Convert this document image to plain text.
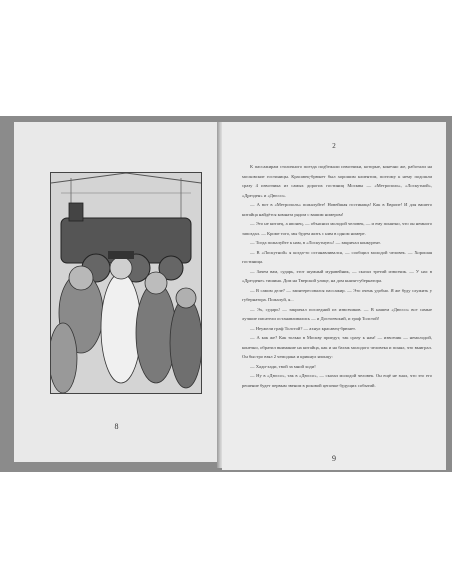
8
2

К пассажирам столичного поезда подбежали извозчики, которые, конечно же, работали на московские гостиницы. Красавец-брюнет был хорошим клиентом, поэтому к нему подошли сразу 4 извозчика из самых дорогих гостиниц Москвы — «Метрополь», «Лоскутной», «Дрезден» и «Дюссо».

— А вот в «Метрополь» пожалуйте! Новейшая гостиница! Как в Европе! И для вашего китайца найдётся комната рядом с вашим номером!

— Это не китаец, а японец, — объяснил молодой человек, — и ему понятно, что он немного запоздал. — Кроме того, мы будем жить с ним в одном номере.

— Тогда пожалуйте к нам, в «Лоскутную»! — закричал конкурент.

— В «Лоскутной» я когда-то останавливался, — сообщил молодой человек. — Хорошая гостиница.

— Зачем вам, сударь, этот шумный муравейник, — сказал третий извозчик. — У нас в «Дрездене» тишина. Дом на Тверской улице, на дом князя-губернатора.

— В самом деле? — заинтересовался пассажир. — Это очень удобно. Я же буду служить у губернатора. Пожалуй, я...

— Эх, сударь! — закричал последний из извозчиков. — В нашем «Дюссо» все самые лучшие писатели останавливались — и Достоевский, и граф Толстой!

— Неужели граф Толстой? — ахнул красавец-брюнет.

— А как же? Как только в Москву приедут, так сразу к нам! — извозчик — немолодой, конечно, обратил внимание на китайца, как и на багаж молодого человека и понял, что выиграл. Он быстро взял 2 чемодана и крикнул японцу:

— Хади-хади, твой за мной ходи!

— Ну в «Дюссо», так в «Дюссо», — сказал молодой человек. Он ещё не знал, что это его решение будет первым звеном в роковой цепочке будущих событий.

9
